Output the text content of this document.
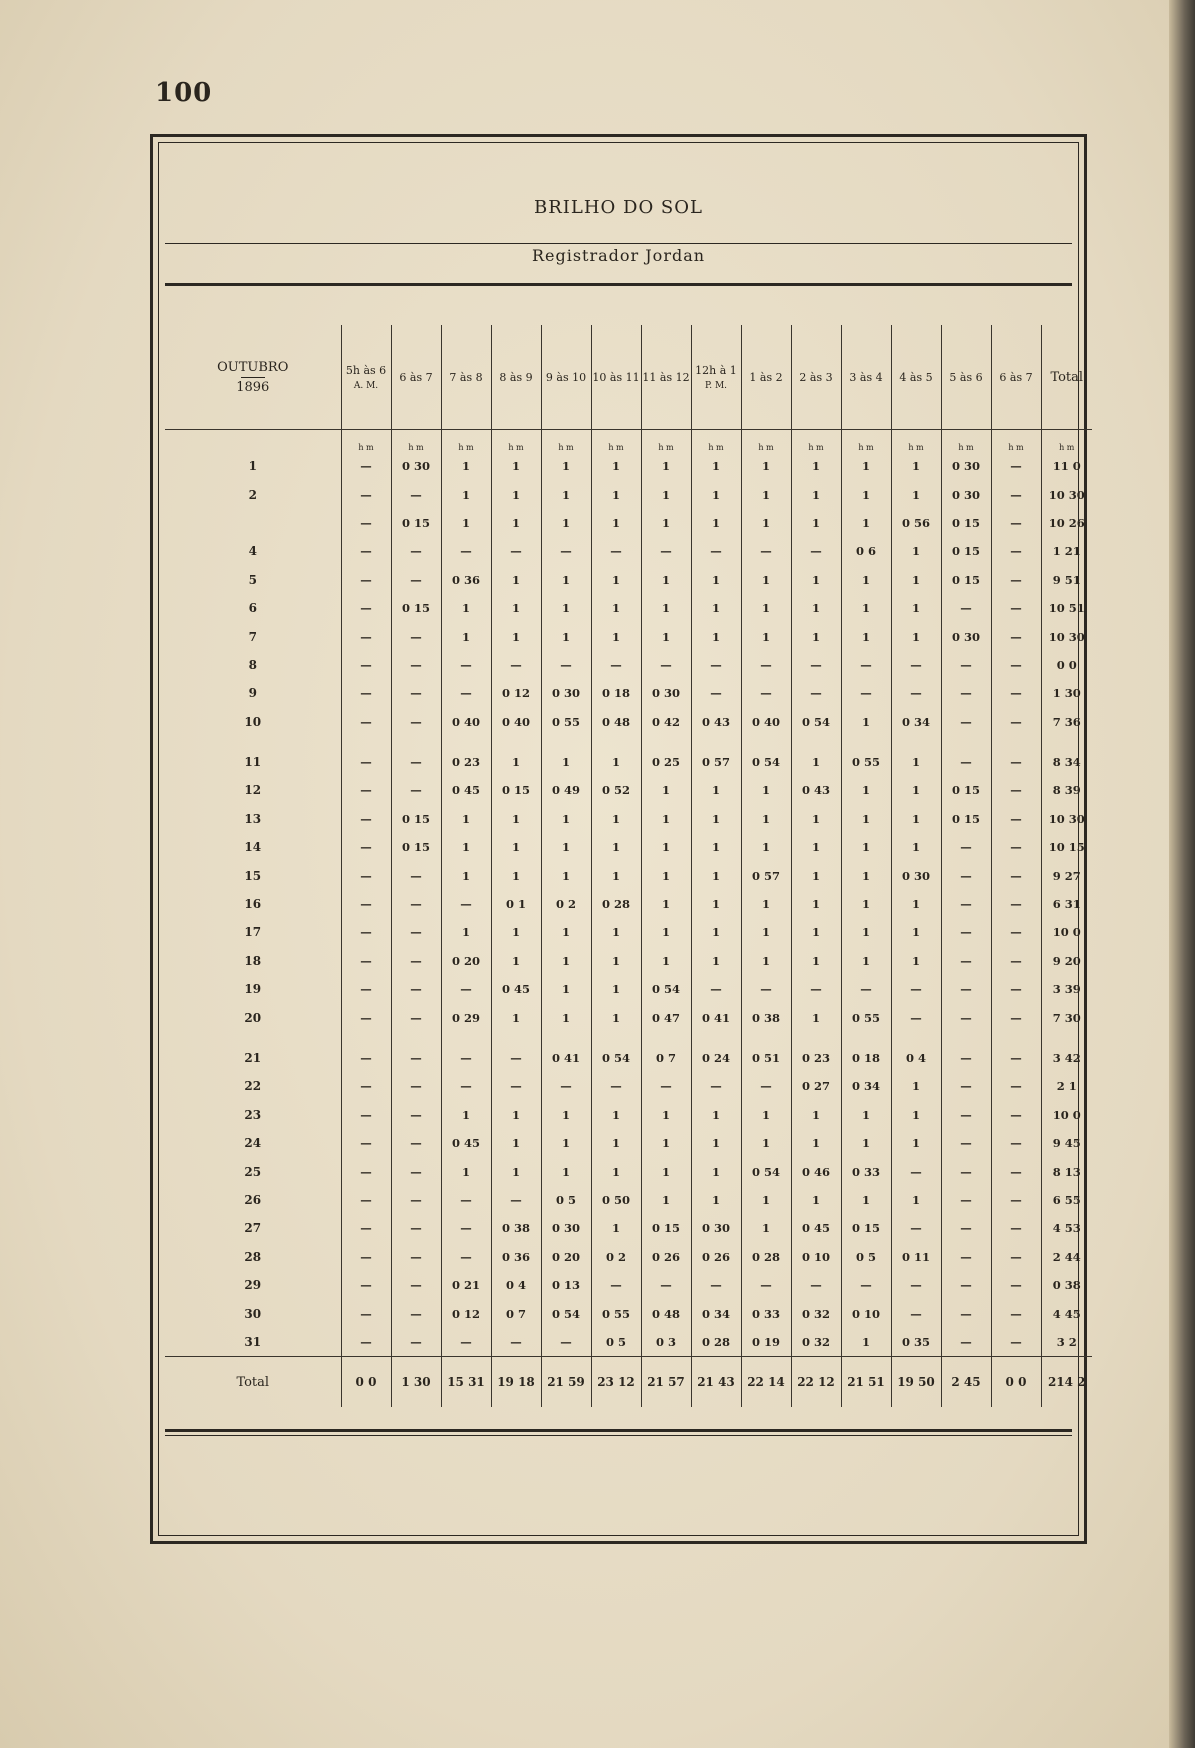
100
BRILHO DO SOL
Registrador Jordan
OUTUBRO
1896	5h às 6
A. M.	6 às 7	7 às 8	8 às 9	9 às 10	10 às 11	11 às 12	12h à 1
P. M.	1 às 2	2 às 3	3 às 4	4 às 5	5 às 6	6 às 7	Total
	h m	h m	h m	h m	h m	h m	h m	h m	h m	h m	h m	h m	h m	h m	h m
1	—	0 30	1	1	1	1	1	1	1	1	1	1	0 30	—	11 0
2	—	—	1	1	1	1	1	1	1	1	1	1	0 30	—	10 30
	—	0 15	1	1	1	1	1	1	1	1	1	0 56	0 15	—	10 26
4	—	—	—	—	—	—	—	—	—	—	0 6	1	0 15	—	1 21
5	—	—	0 36	1	1	1	1	1	1	1	1	1	0 15	—	9 51
6	—	0 15	1	1	1	1	1	1	1	1	1	1	—	—	10 51
7	—	—	1	1	1	1	1	1	1	1	1	1	0 30	—	10 30
8	—	—	—	—	—	—	—	—	—	—	—	—	—	—	0 0
9	—	—	—	0 12	0 30	0 18	0 30	—	—	—	—	—	—	—	1 30
10	—	—	0 40	0 40	0 55	0 48	0 42	0 43	0 40	0 54	1	0 34	—	—	7 36
11	—	—	0 23	1	1	1	0 25	0 57	0 54	1	0 55	1	—	—	8 34
12	—	—	0 45	0 15	0 49	0 52	1	1	1	0 43	1	1	0 15	—	8 39
13	—	0 15	1	1	1	1	1	1	1	1	1	1	0 15	—	10 30
14	—	0 15	1	1	1	1	1	1	1	1	1	1	—	—	10 15
15	—	—	1	1	1	1	1	1	0 57	1	1	0 30	—	—	9 27
16	—	—	—	0 1	0 2	0 28	1	1	1	1	1	1	—	—	6 31
17	—	—	1	1	1	1	1	1	1	1	1	1	—	—	10 0
18	—	—	0 20	1	1	1	1	1	1	1	1	1	—	—	9 20
19	—	—	—	0 45	1	1	0 54	—	—	—	—	—	—	—	3 39
20	—	—	0 29	1	1	1	0 47	0 41	0 38	1	0 55	—	—	—	7 30
21	—	—	—	—	0 41	0 54	0 7	0 24	0 51	0 23	0 18	0 4	—	—	3 42
22	—	—	—	—	—	—	—	—	—	0 27	0 34	1	—	—	2 1
23	—	—	1	1	1	1	1	1	1	1	1	1	—	—	10 0
24	—	—	0 45	1	1	1	1	1	1	1	1	1	—	—	9 45
25	—	—	1	1	1	1	1	1	0 54	0 46	0 33	—	—	—	8 13
26	—	—	—	—	0 5	0 50	1	1	1	1	1	1	—	—	6 55
27	—	—	—	0 38	0 30	1	0 15	0 30	1	0 45	0 15	—	—	—	4 53
28	—	—	—	0 36	0 20	0 2	0 26	0 26	0 28	0 10	0 5	0 11	—	—	2 44
29	—	—	0 21	0 4	0 13	—	—	—	—	—	—	—	—	—	0 38
30	—	—	0 12	0 7	0 54	0 55	0 48	0 34	0 33	0 32	0 10	—	—	—	4 45
31	—	—	—	—	—	0 5	0 3	0 28	0 19	0 32	1	0 35	—	—	3 2
Total	0 0	1 30	15 31	19 18	21 59	23 12	21 57	21 43	22 14	22 12	21 51	19 50	2 45	0 0	214 2
